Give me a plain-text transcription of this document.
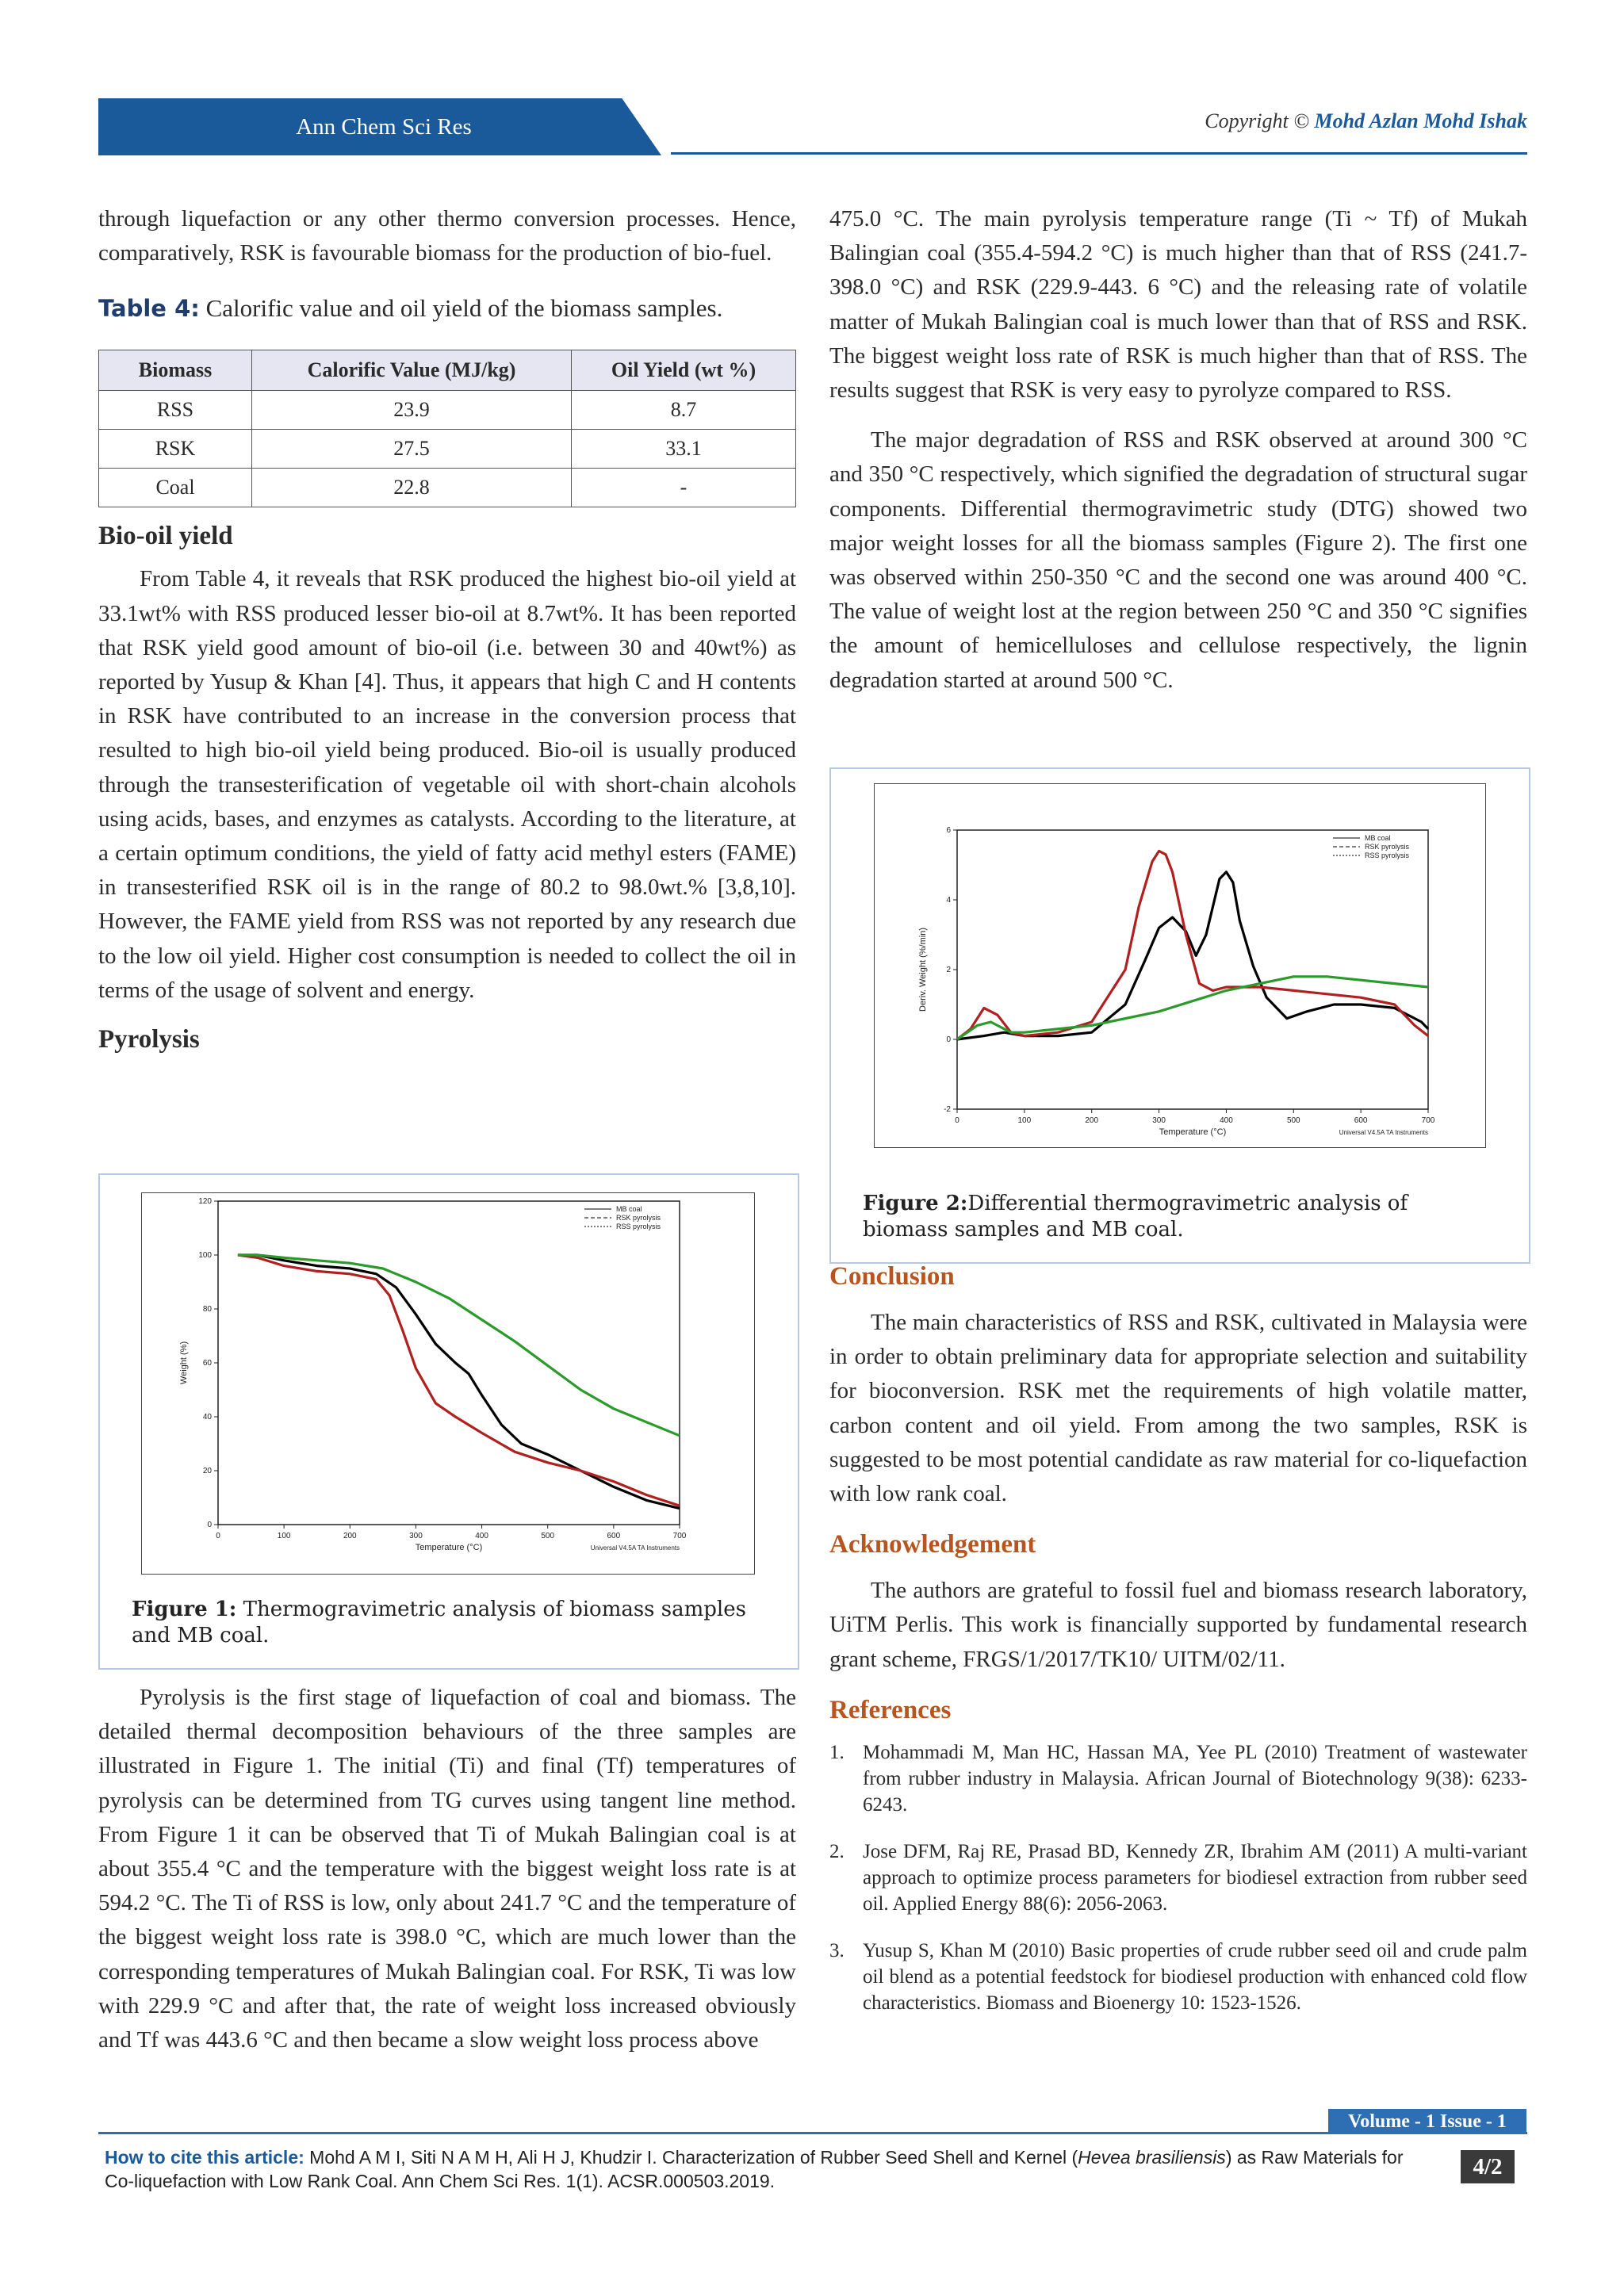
Ann Chem Sci Res	Copyright © Mohd Azlan Mohd Ishak

through liquefaction or any other thermo conversion processes. Hence, comparatively, RSK is favourable biomass for the production of bio-fuel.

Table 4: Calorific value and oil yield of the biomass samples.

Biomass	Calorific Value (MJ/kg)	Oil Yield (wt %)
RSS	23.9	8.7
RSK	27.5	33.1
Coal	22.8	-
Bio-oil yield

From Table 4, it reveals that RSK produced the highest bio-oil yield at 33.1wt% with RSS produced lesser bio-oil at 8.7wt%. It has been reported that RSK yield good amount of bio-oil (i.e. between 30 and 40wt%) as reported by Yusup & Khan [4]. Thus, it appears that high C and H contents in RSK have contributed to an increase in the conversion process that resulted to high bio-oil yield being produced. Bio-oil is usually produced through the transesterification of vegetable oil with short-chain alcohols using acids, bases, and enzymes as catalysts. According to the literature, at a certain optimum conditions, the yield of fatty acid methyl esters (FAME) in transesterified RSK oil is in the range of 80.2 to 98.0wt.% [3,8,10]. However, the FAME yield from RSS was not reported by any research due to the low oil yield. Higher cost consumption is needed to collect the oil in terms of the usage of solvent and energy.

Pyrolysis
0	100	200	300	400	500	600	700
0
20
40
60
80
100
120
Temperature (°C)
Weight (%)
Universal V4.5A TA Instruments
MB coal
RSK pyrolysis
RSS pyrolysis
Figure 1: Thermogravimetric analysis of biomass samples and MB coal.

Pyrolysis is the first stage of liquefaction of coal and biomass. The detailed thermal decomposition behaviours of the three samples are illustrated in Figure 1. The initial (Ti) and final (Tf) temperatures of pyrolysis can be determined from TG curves using tangent line method. From Figure 1 it can be observed that Ti of Mukah Balingian coal is at about 355.4 °C and the temperature with the biggest weight loss rate is at 594.2 °C. The Ti of RSS is low, only about 241.7 °C and the temperature of the biggest weight loss rate is 398.0 °C, which are much lower than the corresponding temperatures of Mukah Balingian coal. For RSK, Ti was low with 229.9 °C and after that, the rate of weight loss increased obviously and Tf was 443.6 °C and then became a slow weight loss process above

475.0 °C. The main pyrolysis temperature range (Ti ~ Tf) of Mukah Balingian coal (355.4-594.2 °C) is much higher than that of RSS (241.7-398.0 °C) and RSK (229.9-443. 6 °C) and the releasing rate of volatile matter of Mukah Balingian coal is much lower than that of RSS and RSK. The biggest weight loss rate of RSK is much higher than that of RSS. The results suggest that RSK is very easy to pyrolyze compared to RSS.

The major degradation of RSS and RSK observed at around 300 °C and 350 °C respectively, which signified the degradation of structural sugar components. Differential thermogravimetric study (DTG) showed two major weight losses for all the biomass samples (Figure 2). The first one was observed within 250-350 °C and the second one was around 400 °C. The value of weight lost at the region between 250 °C and 350 °C signifies the amount of hemicelluloses and cellulose respectively, the lignin degradation started at around 500 °C.

0	100	200	300	400	500	600	700
-2
0
2
4
6
Temperature (°C)
Deriv. Weight (%/min)
Universal V4.5A TA Instruments
MB coal
RSK pyrolysis
RSS pyrolysis
Figure 2:Differential thermogravimetric analysis of biomass samples and MB coal.
Conclusion

The main characteristics of RSS and RSK, cultivated in Malaysia were in order to obtain preliminary data for appropriate selection and suitability for bioconversion. RSK met the requirements of high volatile matter, carbon content and oil yield. From among the two samples, RSK is suggested to be most potential candidate as raw material for co-liquefaction with low rank coal.

Acknowledgement

The authors are grateful to fossil fuel and biomass research laboratory, UiTM Perlis. This work is financially supported by fundamental research grant scheme, FRGS/1/2017/TK10/ UITM/02/11.

References
1. Mohammadi M, Man HC, Hassan MA, Yee PL (2010) Treatment of wastewater from rubber industry in Malaysia. African Journal of Biotechnology 9(38): 6233-6243.
2. Jose DFM, Raj RE, Prasad BD, Kennedy ZR, Ibrahim AM (2011) A multi-variant approach to optimize process parameters for biodiesel extraction from rubber seed oil. Applied Energy 88(6): 2056-2063.
3. Yusup S, Khan M (2010) Basic properties of crude rubber seed oil and crude palm oil blend as a potential feedstock for biodiesel production with enhanced cold flow characteristics. Biomass and Bioenergy 10: 1523-1526.
Volume - 1 Issue - 1
How to cite this article: Mohd A M I, Siti N A M H, Ali H J, Khudzir I. Characterization of Rubber Seed Shell and Kernel (Hevea brasiliensis) as Raw Materials for Co-liquefaction with Low Rank Coal. Ann Chem Sci Res. 1(1). ACSR.000503.2019.
4/2
